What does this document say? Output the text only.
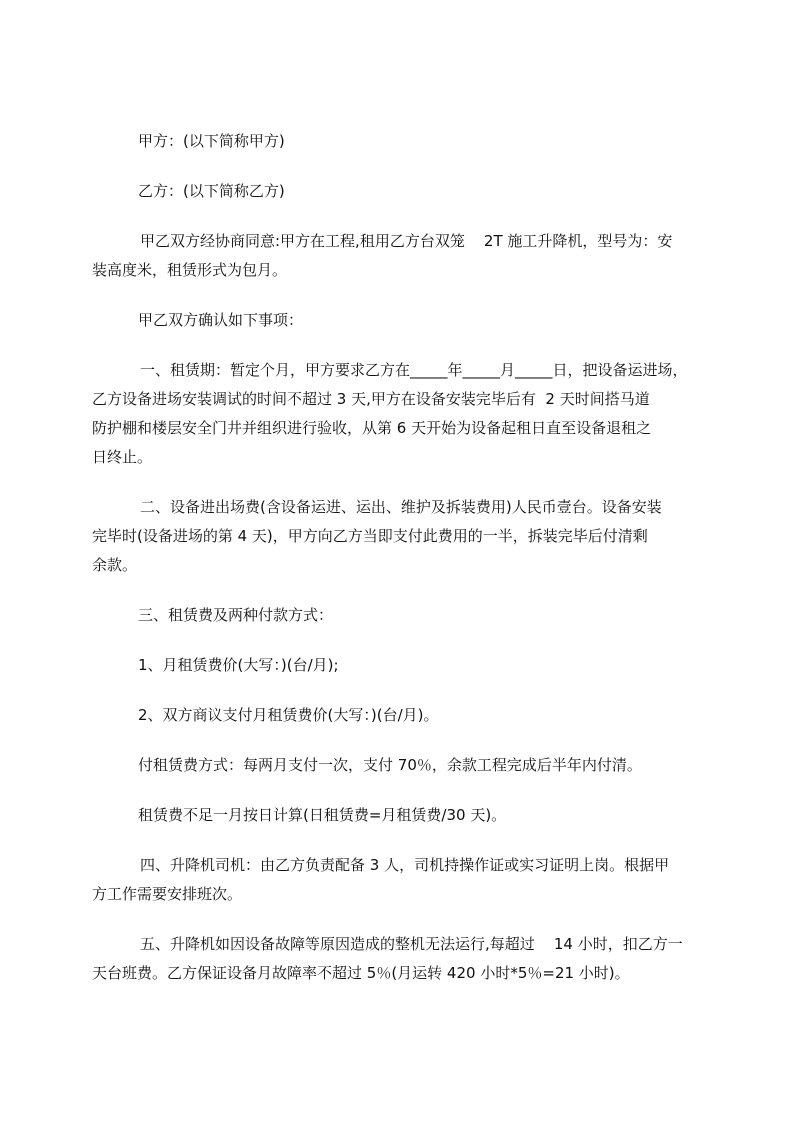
甲方：(以下简称甲方)

乙方：(以下简称乙方)

甲乙双方经协商同意:甲方在工程,租用乙方台双笼    2T 施工升降机，型号为：安
装高度米，租赁形式为包月。

甲乙双方确认如下事项：

一、租赁期：暂定个月，甲方要求乙方在_____年_____月_____日，把设备运进场，
乙方设备进场安装调试的时间不超过 3 天,甲方在设备安装完毕后有  2 天时间搭马道
防护棚和楼层安全门井并组织进行验收，从第 6 天开始为设备起租日直至设备退租之
日终止。
二、设备进出场费(含设备运进、运出、维护及拆装费用)人民币壹台。设备安装
完毕时(设备进场的第 4 天)，甲方向乙方当即支付此费用的一半，拆装完毕后付清剩
余款。

三、租赁费及两种付款方式：

1、月租赁费价(大写：)(台/月);

2、双方商议支付月租赁费价(大写：)(台/月)。

付租赁费方式：每两月支付一次，支付 70％，余款工程完成后半年内付清。

租赁费不足一月按日计算(日租赁费=月租赁费/30 天)。

四、升降机司机：由乙方负责配备 3 人，司机持操作证或实习证明上岗。根据甲
方工作需要安排班次。
五、升降机如因设备故障等原因造成的整机无法运行,每超过    14 小时，扣乙方一
天台班费。乙方保证设备月故障率不超过 5％(月运转 420 小时*5％=21 小时)。
